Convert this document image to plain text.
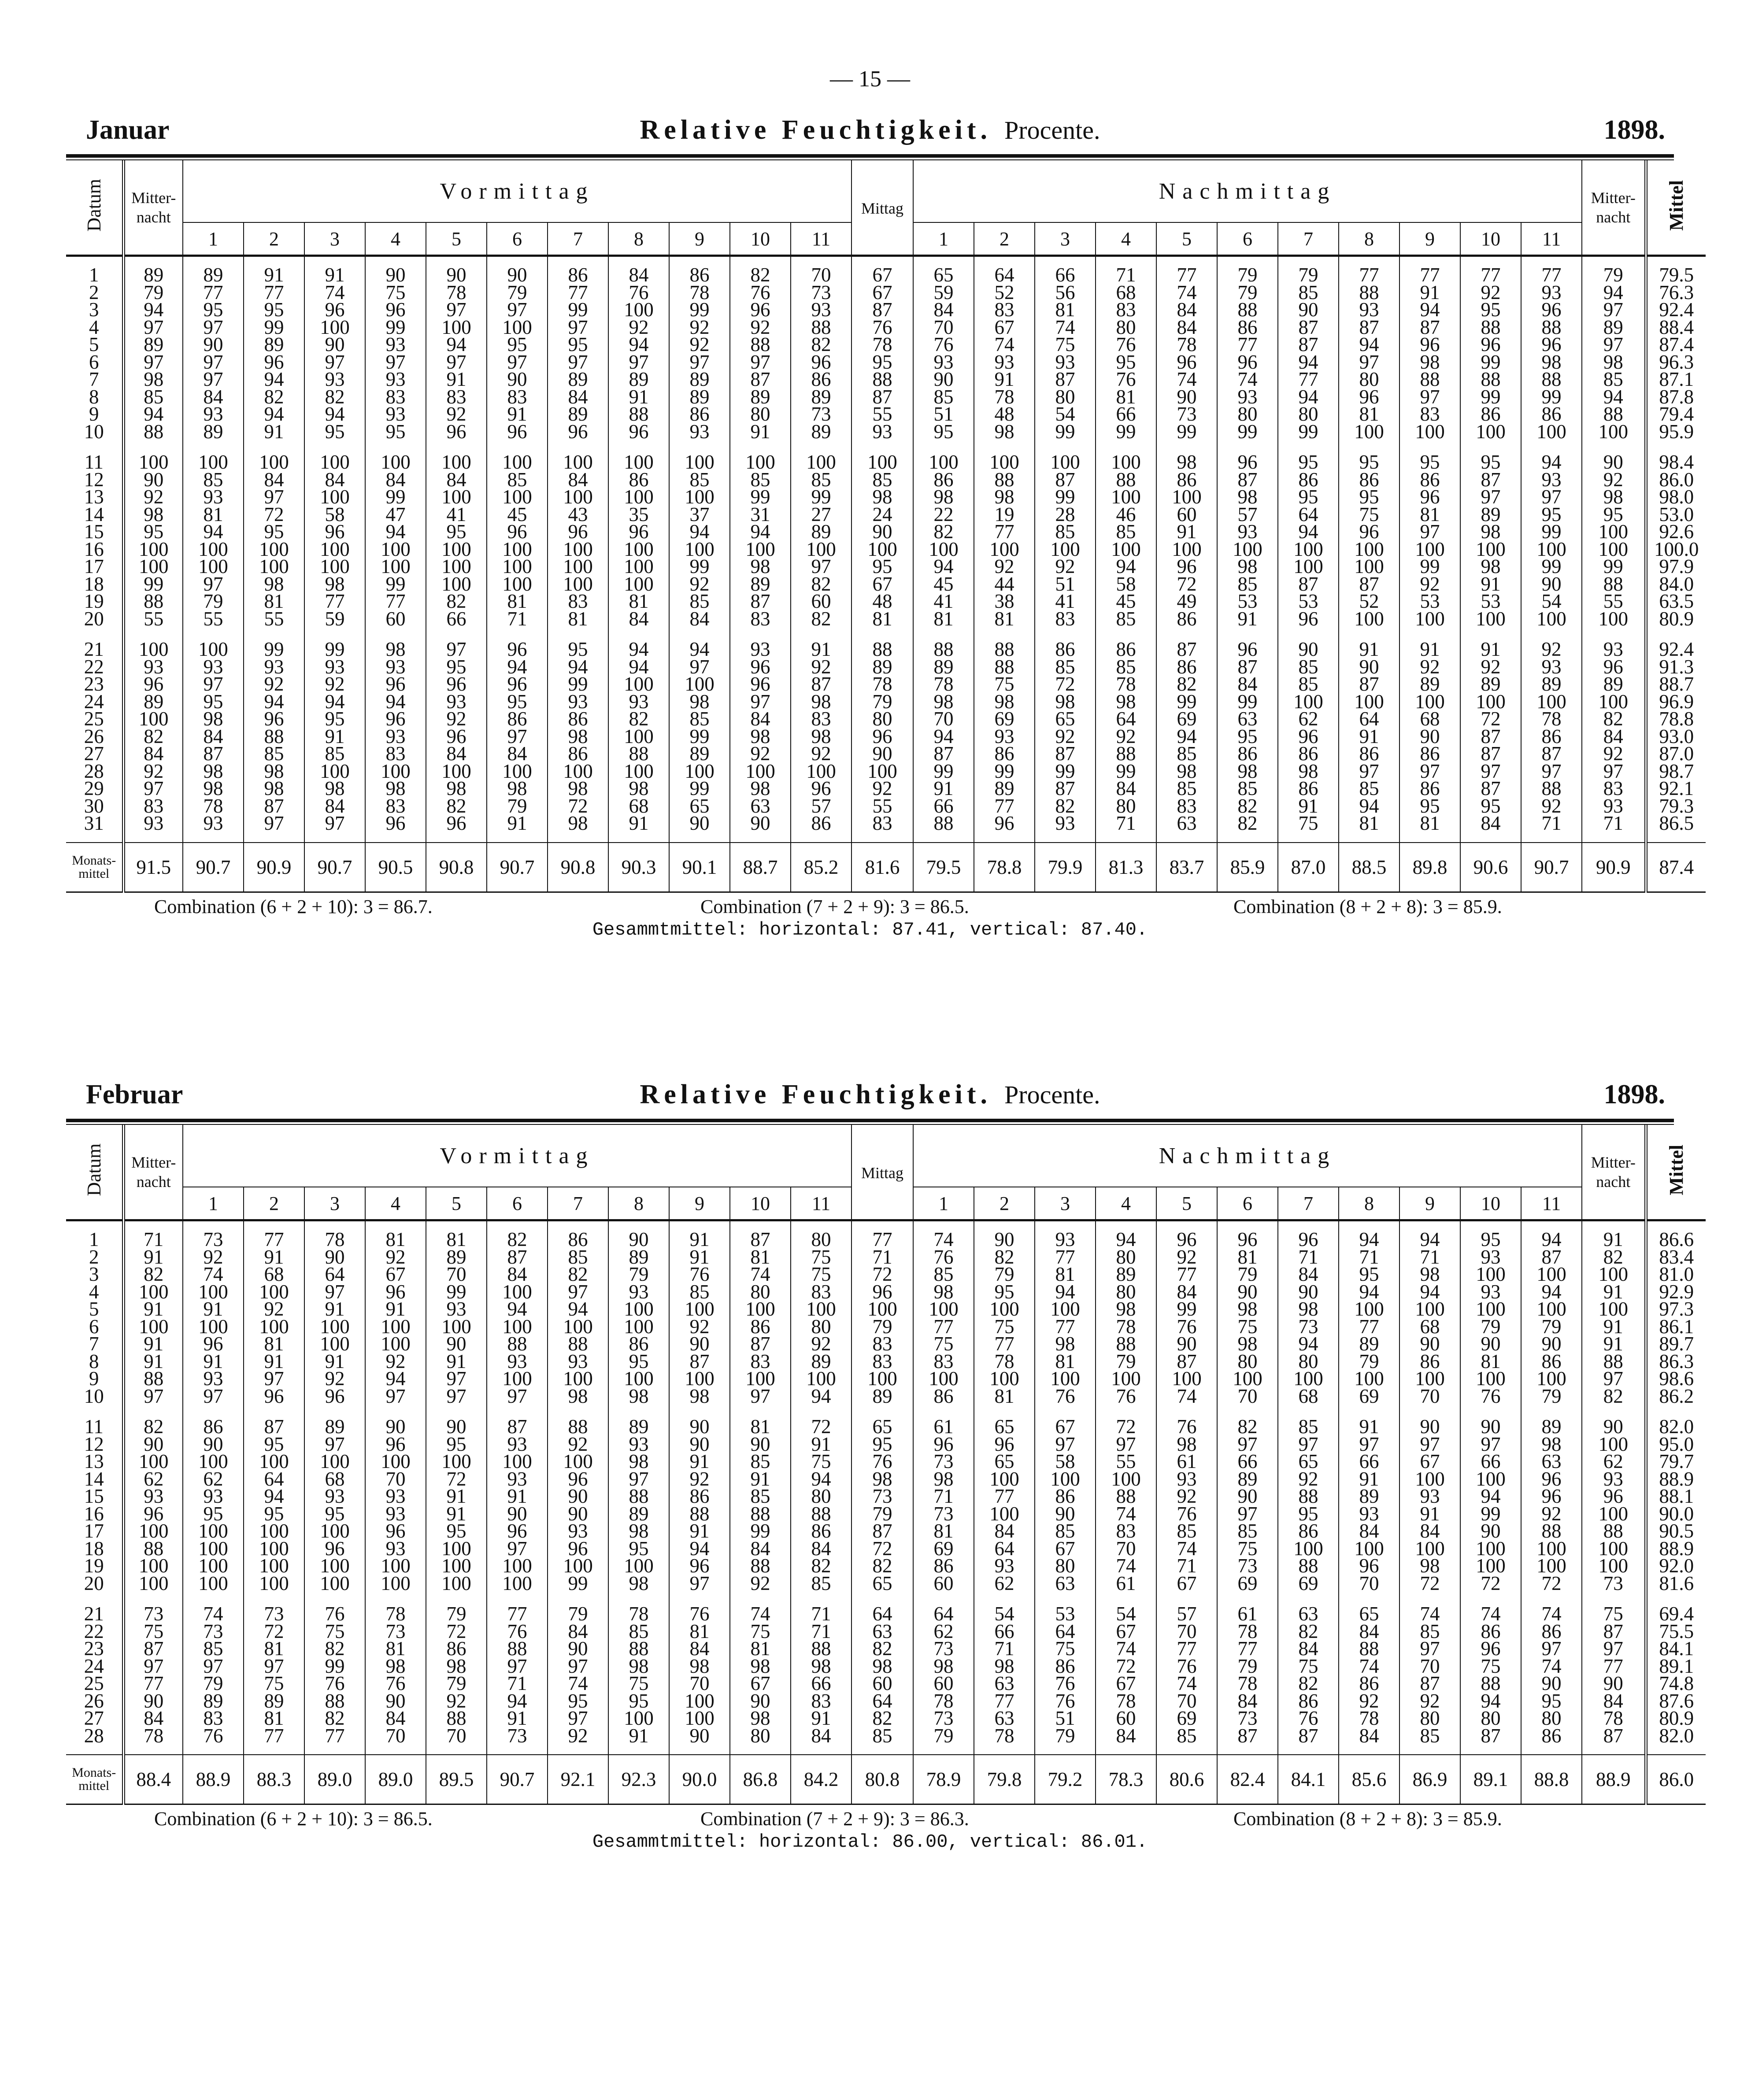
— 15 —
Januar	Relative Feuchtigkeit. Procente.	1898.
Datum	Mitter-
nacht	Vormittag											Mittag	Nachmittag											Mitter-
nacht	Mittel
		1	2	3	4	5	6	7	8	9	10	11		1	2	3	4	5	6	7	8	9	10	11		

1	89	89	91	91	90	90	90	86	84	86	82	70	67	65	64	66	71	77	79	79	77	77	77	77	79	79.5
2	79	77	77	74	75	78	79	77	76	78	76	73	67	59	52	56	68	74	79	85	88	91	92	93	94	76.3
3	94	95	95	96	96	97	97	99	100	99	96	93	87	84	83	81	83	84	88	90	93	94	95	96	97	92.4
4	97	97	99	100	99	100	100	97	92	92	92	88	76	70	67	74	80	84	86	87	87	87	88	88	89	88.4
5	89	90	89	90	93	94	95	95	94	92	88	82	78	76	74	75	76	78	77	87	94	96	96	96	97	87.4
6	97	97	96	97	97	97	97	97	97	97	97	96	95	93	93	93	95	96	96	94	97	98	99	98	98	96.3
7	98	97	94	93	93	91	90	89	89	89	87	86	88	90	91	87	76	74	74	77	80	88	88	88	85	87.1
8	85	84	82	82	83	83	83	84	91	89	89	89	87	85	78	80	81	90	93	94	96	97	99	99	94	87.8
9	94	93	94	94	93	92	91	89	88	86	80	73	55	51	48	54	66	73	80	80	81	83	86	86	88	79.4
10	88	89	91	95	95	96	96	96	96	93	91	89	93	95	98	99	99	99	99	99	100	100	100	100	100	95.9

11	100	100	100	100	100	100	100	100	100	100	100	100	100	100	100	100	100	98	96	95	95	95	95	94	90	98.4
12	90	85	84	84	84	84	85	84	86	85	85	85	85	86	88	87	88	86	87	86	86	86	87	93	92	86.0
13	92	93	97	100	99	100	100	100	100	100	99	99	98	98	98	99	100	100	98	95	95	96	97	97	98	98.0
14	98	81	72	58	47	41	45	43	35	37	31	27	24	22	19	28	46	60	57	64	75	81	89	95	95	53.0
15	95	94	95	96	94	95	96	96	96	94	94	89	90	82	77	85	85	91	93	94	96	97	98	99	100	92.6
16	100	100	100	100	100	100	100	100	100	100	100	100	100	100	100	100	100	100	100	100	100	100	100	100	100	100.0
17	100	100	100	100	100	100	100	100	100	99	98	97	95	94	92	92	94	96	98	100	100	99	98	99	99	97.9
18	99	97	98	98	99	100	100	100	100	92	89	82	67	45	44	51	58	72	85	87	87	92	91	90	88	84.0
19	88	79	81	77	77	82	81	83	81	85	87	60	48	41	38	41	45	49	53	53	52	53	53	54	55	63.5
20	55	55	55	59	60	66	71	81	84	84	83	82	81	81	81	83	85	86	91	96	100	100	100	100	100	80.9

21	100	100	99	99	98	97	96	95	94	94	93	91	88	88	88	86	86	87	96	90	91	91	91	92	93	92.4
22	93	93	93	93	93	95	94	94	94	97	96	92	89	89	88	85	85	86	87	85	90	92	92	93	96	91.3
23	96	97	92	92	96	96	96	99	100	100	96	87	78	78	75	72	78	82	84	85	87	89	89	89	89	88.7
24	89	95	94	94	94	93	95	93	93	98	97	98	79	98	98	98	98	99	99	100	100	100	100	100	100	96.9
25	100	98	96	95	96	92	86	86	82	85	84	83	80	70	69	65	64	69	63	62	64	68	72	78	82	78.8
26	82	84	88	91	93	96	97	98	100	99	98	98	96	94	93	92	92	94	95	96	91	90	87	86	84	93.0
27	84	87	85	85	83	84	84	86	88	89	92	92	90	87	86	87	88	85	86	86	86	86	87	87	92	87.0
28	92	98	98	100	100	100	100	100	100	100	100	100	100	99	99	99	99	98	98	98	97	97	97	97	97	98.7
29	97	98	98	98	98	98	98	98	98	99	98	96	92	91	89	87	84	85	85	86	85	86	87	88	83	92.1
30	83	78	87	84	83	82	79	72	68	65	63	57	55	66	77	82	80	83	82	91	94	95	95	92	93	79.3
31	93	93	97	97	96	96	91	98	91	90	90	86	83	88	96	93	71	63	82	75	81	81	84	71	71	86.5

Monats-
mittel	91.5	90.7	90.9	90.7	90.5	90.8	90.7	90.8	90.3	90.1	88.7	85.2	81.6	79.5	78.8	79.9	81.3	83.7	85.9	87.0	88.5	89.8	90.6	90.7	90.9	87.4
Combination (6 + 2 + 10): 3 = 86.7.	Combination (7 + 2 + 9): 3 = 86.5.	Combination (8 + 2 + 8): 3 = 85.9.
Gesammtmittel: horizontal: 87.41, vertical: 87.40.
Februar	Relative Feuchtigkeit. Procente.	1898.
Datum	Mitter-
nacht	Vormittag											Mittag	Nachmittag											Mitter-
nacht	Mittel
		1	2	3	4	5	6	7	8	9	10	11		1	2	3	4	5	6	7	8	9	10	11		

1	71	73	77	78	81	81	82	86	90	91	87	80	77	74	90	93	94	96	96	96	94	94	95	94	91	86.6
2	91	92	91	90	92	89	87	85	89	91	81	75	71	76	82	77	80	92	81	71	71	71	93	87	82	83.4
3	82	74	68	64	67	70	84	82	79	76	74	75	72	85	79	81	89	77	79	84	95	98	100	100	100	81.0
4	100	100	100	97	96	99	100	97	93	85	80	83	96	98	95	94	80	84	90	90	94	94	93	94	91	92.9
5	91	91	92	91	91	93	94	94	100	100	100	100	100	100	100	100	98	99	98	98	100	100	100	100	100	97.3
6	100	100	100	100	100	100	100	100	100	92	86	80	79	77	75	77	78	76	75	73	77	68	79	79	91	86.1
7	91	96	81	100	100	90	88	88	86	90	87	92	83	75	77	98	88	90	98	94	89	90	90	90	91	89.7
8	91	91	91	91	92	91	93	93	95	87	83	89	83	83	78	81	79	87	80	80	79	86	81	86	88	86.3
9	88	93	97	92	94	97	100	100	100	100	100	100	100	100	100	100	100	100	100	100	100	100	100	100	97	98.6
10	97	97	96	96	97	97	97	98	98	98	97	94	89	86	81	76	76	74	70	68	69	70	76	79	82	86.2

11	82	86	87	89	90	90	87	88	89	90	81	72	65	61	65	67	72	76	82	85	91	90	90	89	90	82.0
12	90	90	95	97	96	95	93	92	93	90	90	91	95	96	96	97	97	98	97	97	97	97	97	98	100	95.0
13	100	100	100	100	100	100	100	100	98	91	85	75	76	73	65	58	55	61	66	65	66	67	66	63	62	79.7
14	62	62	64	68	70	72	93	96	97	92	91	94	98	98	100	100	100	93	89	92	91	100	100	96	93	88.9
15	93	93	94	93	93	91	91	90	88	86	85	80	73	71	77	86	88	92	90	88	89	93	94	96	96	88.1
16	96	95	95	95	93	91	90	90	89	88	88	88	79	73	100	90	74	76	97	95	93	91	99	92	100	90.0
17	100	100	100	100	96	95	96	93	98	91	99	86	87	81	84	85	83	85	85	86	84	84	90	88	88	90.5
18	88	100	100	96	93	100	97	96	95	94	84	84	72	69	64	67	70	74	75	100	100	100	100	100	100	88.9
19	100	100	100	100	100	100	100	100	100	96	88	82	82	86	93	80	74	71	73	88	96	98	100	100	100	92.0
20	100	100	100	100	100	100	100	99	98	97	92	85	65	60	62	63	61	67	69	69	70	72	72	72	73	81.6

21	73	74	73	76	78	79	77	79	78	76	74	71	64	64	54	53	54	57	61	63	65	74	74	74	75	69.4
22	75	73	72	75	73	72	76	84	85	81	75	71	63	62	66	64	67	70	78	82	84	85	86	86	87	75.5
23	87	85	81	82	81	86	88	90	88	84	81	88	82	73	71	75	74	77	77	84	88	97	96	97	97	84.1
24	97	97	97	99	98	98	97	97	98	98	98	98	98	98	98	86	72	76	79	75	74	70	75	74	77	89.1
25	77	79	75	76	76	79	71	74	75	70	67	66	60	60	63	76	67	74	78	82	86	87	88	90	90	74.8
26	90	89	89	88	90	92	94	95	95	100	90	83	64	78	77	76	78	70	84	86	92	92	94	95	84	87.6
27	84	83	81	82	84	88	91	97	100	100	98	91	82	73	63	51	60	69	73	76	78	80	80	80	78	80.9
28	78	76	77	77	70	70	73	92	91	90	80	84	85	79	78	79	84	85	87	87	84	85	87	86	87	82.0

Monats-
mittel	88.4	88.9	88.3	89.0	89.0	89.5	90.7	92.1	92.3	90.0	86.8	84.2	80.8	78.9	79.8	79.2	78.3	80.6	82.4	84.1	85.6	86.9	89.1	88.8	88.9	86.0
Combination (6 + 2 + 10): 3 = 86.5.	Combination (7 + 2 + 9): 3 = 86.3.	Combination (8 + 2 + 8): 3 = 85.9.
Gesammtmittel: horizontal: 86.00, vertical: 86.01.
